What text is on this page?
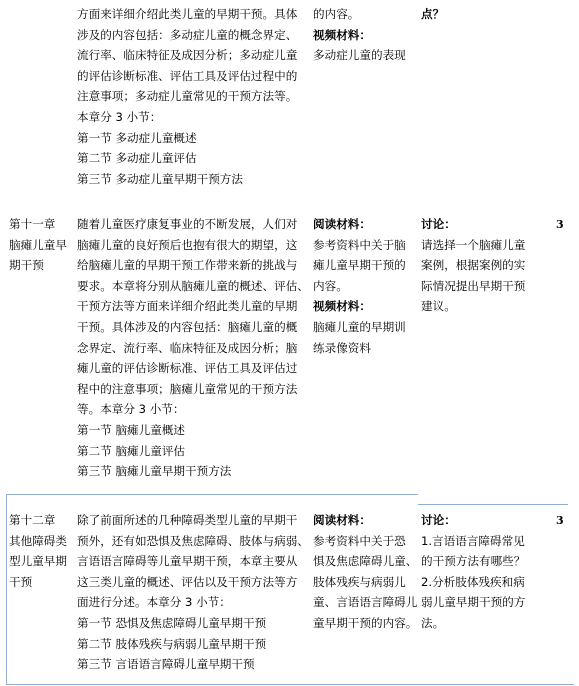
方面来详细介绍此类儿童的早期干预。具体
涉及的内容包括：多动症儿童的概念界定、
流行率、临床特征及成因分析；多动症儿童
的评估诊断标准、评估工具及评估过程中的
注意事项；多动症儿童常见的干预方法等。
本章分 3 小节：
第一节 多动症儿童概述
第二节 多动症儿童评估
第三节 多动症儿童早期干预方法
的内容。
视频材料：
多动症儿童的表现
点？
第十一章
脑瘫儿童早
期干预
随着儿童医疗康复事业的不断发展，人们对
脑瘫儿童的良好预后也抱有很大的期望，这
给脑瘫儿童的早期干预工作带来新的挑战与
要求。本章将分别从脑瘫儿童的概述、评估、
干预方法等方面来详细介绍此类儿童的早期
干预。具体涉及的内容包括：脑瘫儿童的概
念界定、流行率、临床特征及成因分析；脑
瘫儿童的评估诊断标准、评估工具及评估过
程中的注意事项；脑瘫儿童常见的干预方法
等。本章分 3 小节：
第一节 脑瘫儿童概述
第二节 脑瘫儿童评估
第三节 脑瘫儿童早期干预方法
阅读材料：
参考资料中关于脑
瘫儿童早期干预的
内容。
视频材料：
脑瘫儿童的早期训
练录像资料
讨论：
请选择一个脑瘫儿童
案例，根据案例的实
际情况提出早期干预
建议。
3
第十二章
其他障碍类
型儿童早期
干预
除了前面所述的几种障碍类型儿童的早期干
预外，还有如恐惧及焦虑障碍、肢体与病弱、
言语语言障碍等儿童早期干预，本章主要从
这三类儿童的概述、评估以及干预方法等方
面进行分述。本章分 3 小节：
第一节 恐惧及焦虑障碍儿童早期干预
第二节 肢体残疾与病弱儿童早期干预
第三节 言语语言障碍儿童早期干预
阅读材料：
参考资料中关于恐
惧及焦虑障碍儿童、
肢体残疾与病弱儿
童、言语语言障碍儿
童早期干预的内容。
讨论：
1.言语语言障碍常见
的干预方法有哪些？
2.分析肢体残疾和病
弱儿童早期干预的方
法。
3
